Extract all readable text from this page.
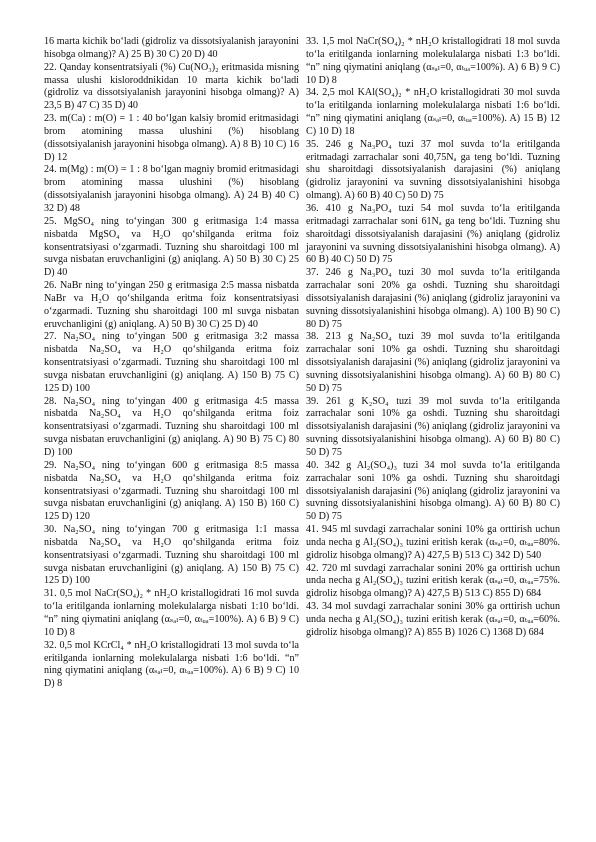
16 marta kichik bo‘ladi (gidroliz va dissotsiyalanish jarayonini hisobga olmang)? A) 25 B) 30 C) 20 D) 40

22. Qanday konsentratsiyali (%) Cu(NO₃)₂ eritmasida misning massa ulushi kisloroddnikidan 10 marta kichik bo‘ladi (gidroliz va dissotsiyalanish jarayonini hisobga olmang)? A) 23,5 B) 47 C) 35 D) 40

23. m(Ca) : m(O) = 1 : 40 bo‘lgan kalsiy bromid eritmasidagi brom atomining massa ulushini (%) hisoblang (dissotsiyalanish jarayonini hisobga olmang). A) 8 B) 10 C) 16 D) 12

24. m(Mg) : m(O) = 1 : 8 bo‘lgan magniy bromid eritmasidagi brom atomining massa ulushini (%) hisoblang (dissotsiyalanish jarayonini hisobga olmang). A) 24 B) 40 C) 32 D) 48

25. MgSO₄ ning to‘yingan 300 g eritmasiga 1:4 massa nisbatda MgSO₄ va H₂O qo‘shilganda eritma foiz konsentratsiyasi o‘zgarmadi. Tuzning shu sharoitdagi 100 ml suvga nisbatan eruvchanligini (g) aniqlang. A) 50 B) 30 C) 25 D) 40

26. NaBr ning to‘yingan 250 g eritmasiga 2:5 massa nisbatda NaBr va H₂O qo‘shilganda eritma foiz konsentratsiyasi o‘zgarmadi. Tuzning shu sharoitdagi 100 ml suvga nisbatan eruvchanligini (g) aniqlang. A) 50 B) 30 C) 25 D) 40

27. Na₂SO₄ ning to‘yingan 500 g eritmasiga 3:2 massa nisbatda Na₂SO₄ va H₂O qo‘shilganda eritma foiz konsentratsiyasi o‘zgarmadi. Tuzning shu sharoitdagi 100 ml suvga nisbatan eruvchanligini (g) aniqlang. A) 150 B) 75 C) 125 D) 100

28. Na₂SO₄ ning to‘yingan 400 g eritmasiga 4:5 massa nisbatda Na₂SO₄ va H₂O qo‘shilganda eritma foiz konsentratsiyasi o‘zgarmadi. Tuzning shu sharoitdagi 100 ml suvga nisbatan eruvchanligini (g) aniqlang. A) 90 B) 75 C) 80 D) 100

29. Na₂SO₄ ning to‘yingan 600 g eritmasiga 8:5 massa nisbatda Na₂SO₄ va H₂O qo‘shilganda eritma foiz konsentratsiyasi o‘zgarmadi. Tuzning shu sharoitdagi 100 ml suvga nisbatan eruvchanligini (g) aniqlang. A) 150 B) 160 C) 125 D) 120

30. Na₂SO₄ ning to‘yingan 700 g eritmasiga 1:1 massa nisbatda Na₂SO₄ va H₂O qo‘shilganda eritma foiz konsentratsiyasi o‘zgarmadi. Tuzning shu sharoitdagi 100 ml suvga nisbatan eruvchanligini (g) aniqlang. A) 150 B) 75 C) 125 D) 100

31. 0,5 mol NaCr(SO₄)₂ * nH₂O kristallogidrati 16 mol suvda to‘la eritilganda ionlarning molekulalarga nisbati 1:10 bo‘ldi. “n” ning qiymatini aniqlang (αₛₐₗ=0, αₜᵤₐ=100%). A) 6 B) 9 C) 10 D) 8

32. 0,5 mol KCrCl₄ * nH₂O kristallogidrati 13 mol suvda to‘la eritilganda ionlarning molekulalarga nisbati 1:6 bo‘ldi. “n” ning qiymatini aniqlang (αₛₐₗ=0, αₜᵤₐ=100%). A) 6 B) 9 C) 10 D) 8

33. 1,5 mol NaCr(SO₄)₂ * nH₂O kristallogidrati 18 mol suvda to‘la eritilganda ionlarning molekulalarga nisbati 1:3 bo‘ldi. “n” ning qiymatini aniqlang (αₛₐₗ=0, αₜᵤₐ=100%). A) 6 B) 9 C) 10 D) 8

34. 2,5 mol KAl(SO₄)₂ * nH₂O kristallogidrati 30 mol suvda to‘la eritilganda ionlarning molekulalarga nisbati 1:6 bo‘ldi. “n” ning qiymatini aniqlang (αₛₐₗ=0, αₜᵤₐ=100%). A) 15 B) 12 C) 10 D) 18

35. 246 g Na₃PO₄ tuzi 37 mol suvda to‘la eritilganda eritmadagi zarrachalar soni 40,75Nₐ ga teng bo‘ldi. Tuzning shu sharoitdagi dissotsiyalanish darajasini (%) aniqlang (gidroliz jarayonini va suvning dissotsiyalanishini hisobga olmang). A) 60 B) 40 C) 50 D) 75

36. 410 g Na₃PO₄ tuzi 54 mol suvda to‘la eritilganda eritmadagi zarrachalar soni 61Nₐ ga teng bo‘ldi. Tuzning shu sharoitdagi dissotsiyalanish darajasini (%) aniqlang (gidroliz jarayonini va suvning dissotsiyalanishini hisobga olmang). A) 60 B) 40 C) 50 D) 75

37. 246 g Na₃PO₄ tuzi 30 mol suvda to‘la eritilganda zarrachalar soni 20% ga oshdi. Tuzning shu sharoitdagi dissotsiyalanish darajasini (%) aniqlang (gidroliz jarayonini va suvning dissotsiyalanishini hisobga olmang). A) 100 B) 90 C) 80 D) 75

38. 213 g Na₂SO₄ tuzi 39 mol suvda to‘la eritilganda zarrachalar soni 10% ga oshdi. Tuzning shu sharoitdagi dissotsiyalanish darajasini (%) aniqlang (gidroliz jarayonini va suvning dissotsiyalanishini hisobga olmang). A) 60 B) 80 C) 50 D) 75

39. 261 g K₂SO₄ tuzi 39 mol suvda to‘la eritilganda zarrachalar soni 10% ga oshdi. Tuzning shu sharoitdagi dissotsiyalanish darajasini (%) aniqlang (gidroliz jarayonini va suvning dissotsiyalanishini hisobga olmang). A) 60 B) 80 C) 50 D) 75

40. 342 g Al₂(SO₄)₃ tuzi 34 mol suvda to‘la eritilganda zarrachalar soni 10% ga oshdi. Tuzning shu sharoitdagi dissotsiyalanish darajasini (%) aniqlang (gidroliz jarayonini va suvning dissotsiyalanishini hisobga olmang). A) 60 B) 80 C) 50 D) 75

41. 945 ml suvdagi zarrachalar sonini 10% ga orttirish uchun unda necha g Al₂(SO₄)₃ tuzini eritish kerak (αₛₐₗ=0, αₜᵤₐ=80%. gidroliz hisobga olmang)? A) 427,5 B) 513 C) 342 D) 540

42. 720 ml suvdagi zarrachalar sonini 20% ga orttirish uchun unda necha g Al₂(SO₄)₃ tuzini eritish kerak (αₛₐₗ=0, αₜᵤₐ=75%. gidroliz hisobga olmang)? A) 427,5 B) 513 C) 855 D) 684

43. 34 mol suvdagi zarrachalar sonini 30% ga orttirish uchun unda necha g Al₂(SO₄)₃ tuzini eritish kerak (αₛₐₗ=0, αₜᵤₐ=60%. gidroliz hisobga olmang)? A) 855 B) 1026 C) 1368 D) 684
